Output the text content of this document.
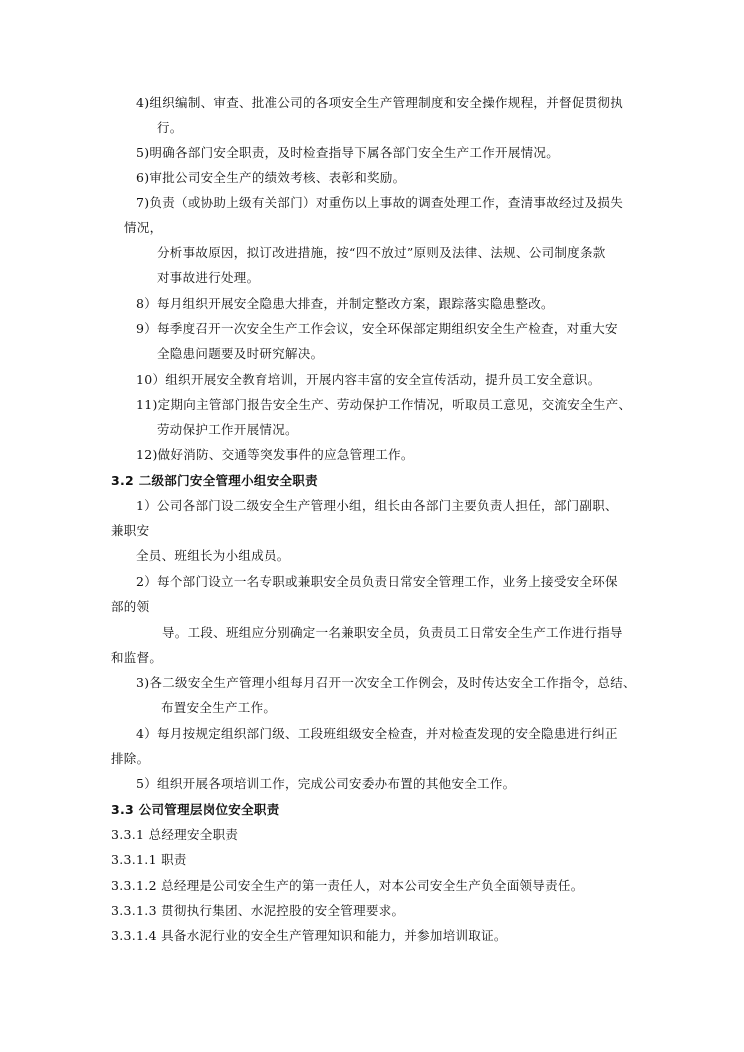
4)组织编制、审查、批准公司的各项安全生产管理制度和安全操作规程，并督促贯彻执
行。
5)明确各部门安全职责，及时检查指导下属各部门安全生产工作开展情况。
6)审批公司安全生产的绩效考核、表彰和奖励。
7)负责（或协助上级有关部门）对重伤以上事故的调查处理工作，查清事故经过及损失
情况，
分析事故原因，拟订改进措施，按“四不放过”原则及法律、法规、公司制度条款
对事故进行处理。
8）每月组织开展安全隐患大排查，并制定整改方案，跟踪落实隐患整改。
9）每季度召开一次安全生产工作会议，安全环保部定期组织安全生产检查，对重大安
全隐患问题要及时研究解决。
10）组织开展安全教育培训，开展内容丰富的安全宣传活动，提升员工安全意识。
11)定期向主管部门报告安全生产、劳动保护工作情况，听取员工意见，交流安全生产、
劳动保护工作开展情况。
12)做好消防、交通等突发事件的应急管理工作。
3.2 二级部门安全管理小组安全职责
1）公司各部门设二级安全生产管理小组，组长由各部门主要负责人担任，部门副职、
兼职安
全员、班组长为小组成员。
2）每个部门设立一名专职或兼职安全员负责日常安全管理工作，业务上接受安全环保
部的领
导。工段、班组应分别确定一名兼职安全员，负责员工日常安全生产工作进行指导
和监督。
3)各二级安全生产管理小组每月召开一次安全工作例会，及时传达安全工作指令，总结、
布置安全生产工作。
4）每月按规定组织部门级、工段班组级安全检查，并对检查发现的安全隐患进行纠正
排除。
5）组织开展各项培训工作，完成公司安委办布置的其他安全工作。
3.3 公司管理层岗位安全职责
3.3.1 总经理安全职责
3.3.1.1 职责
3.3.1.2 总经理是公司安全生产的第一责任人，对本公司安全生产负全面领导责任。
3.3.1.3 贯彻执行集团、水泥控股的安全管理要求。
3.3.1.4 具备水泥行业的安全生产管理知识和能力，并参加培训取证。
